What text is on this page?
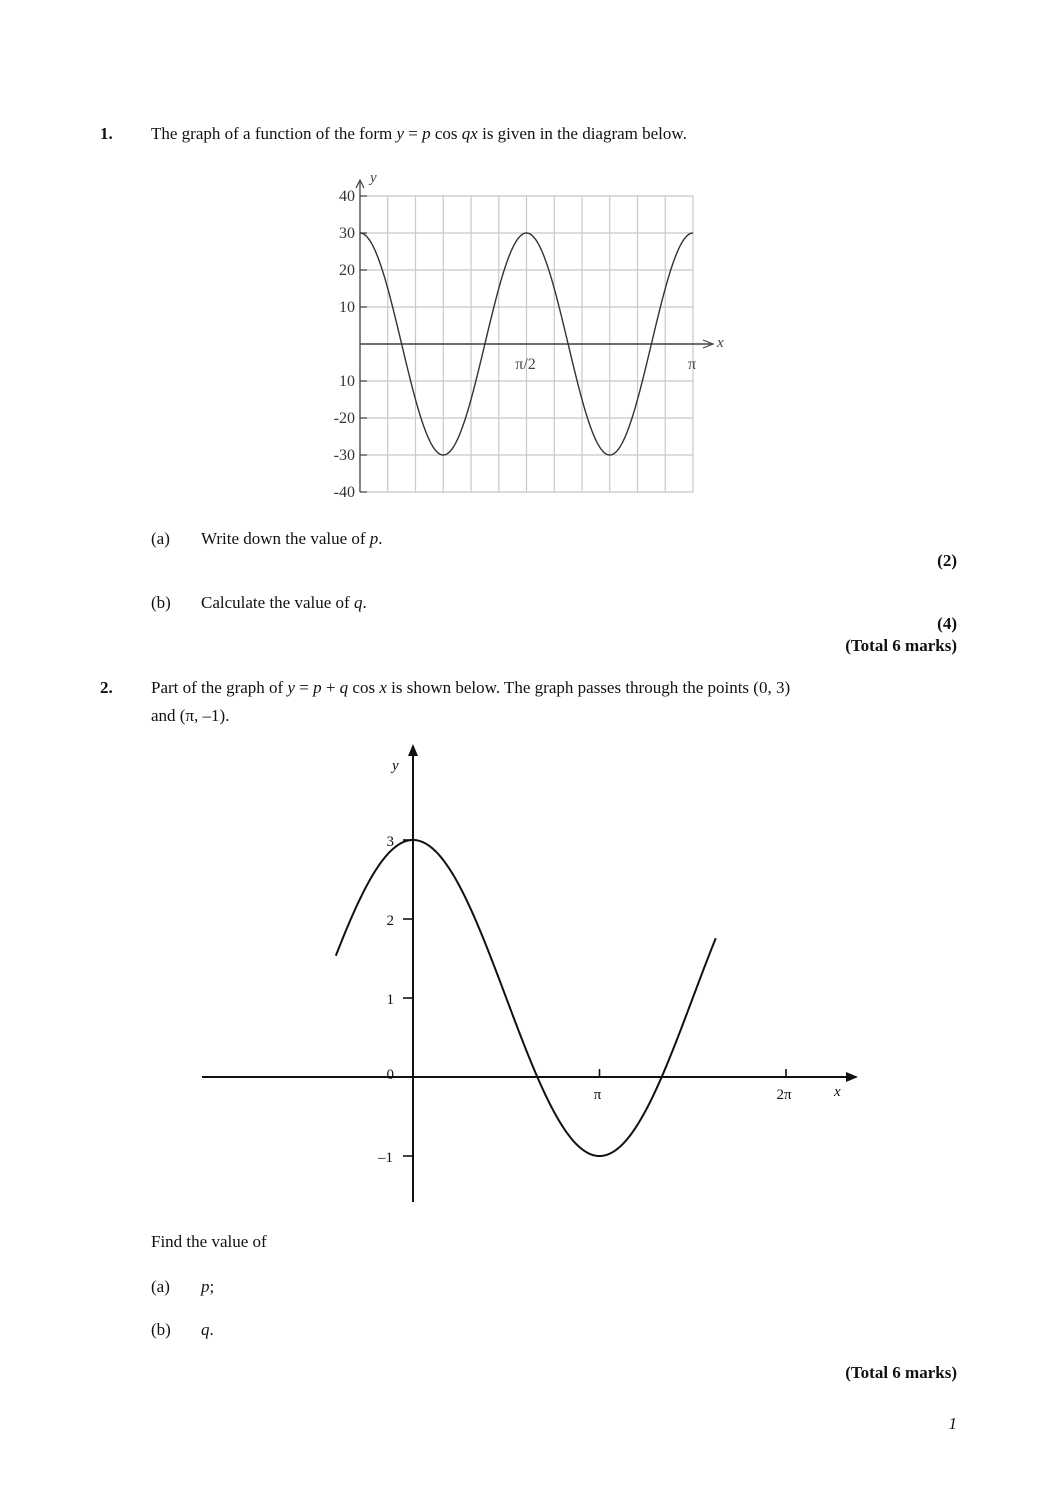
1. The graph of a function of the form y = p cos qx is given in the diagram below.
y
x
40
30
20
10
10
-20
-30
-40
π/2	π
(a) Write down the value of p.
(2)
(b) Calculate the value of q.
(4)
(Total 6 marks)
2. Part of the graph of y = p + q cos x is shown below. The graph passes through the points (0, 3)
and (π, –1).
y
x
3
2
1
0
–1
π	2π
Find the value of
(a) p;
(b) q.
(Total 6 marks)
1
